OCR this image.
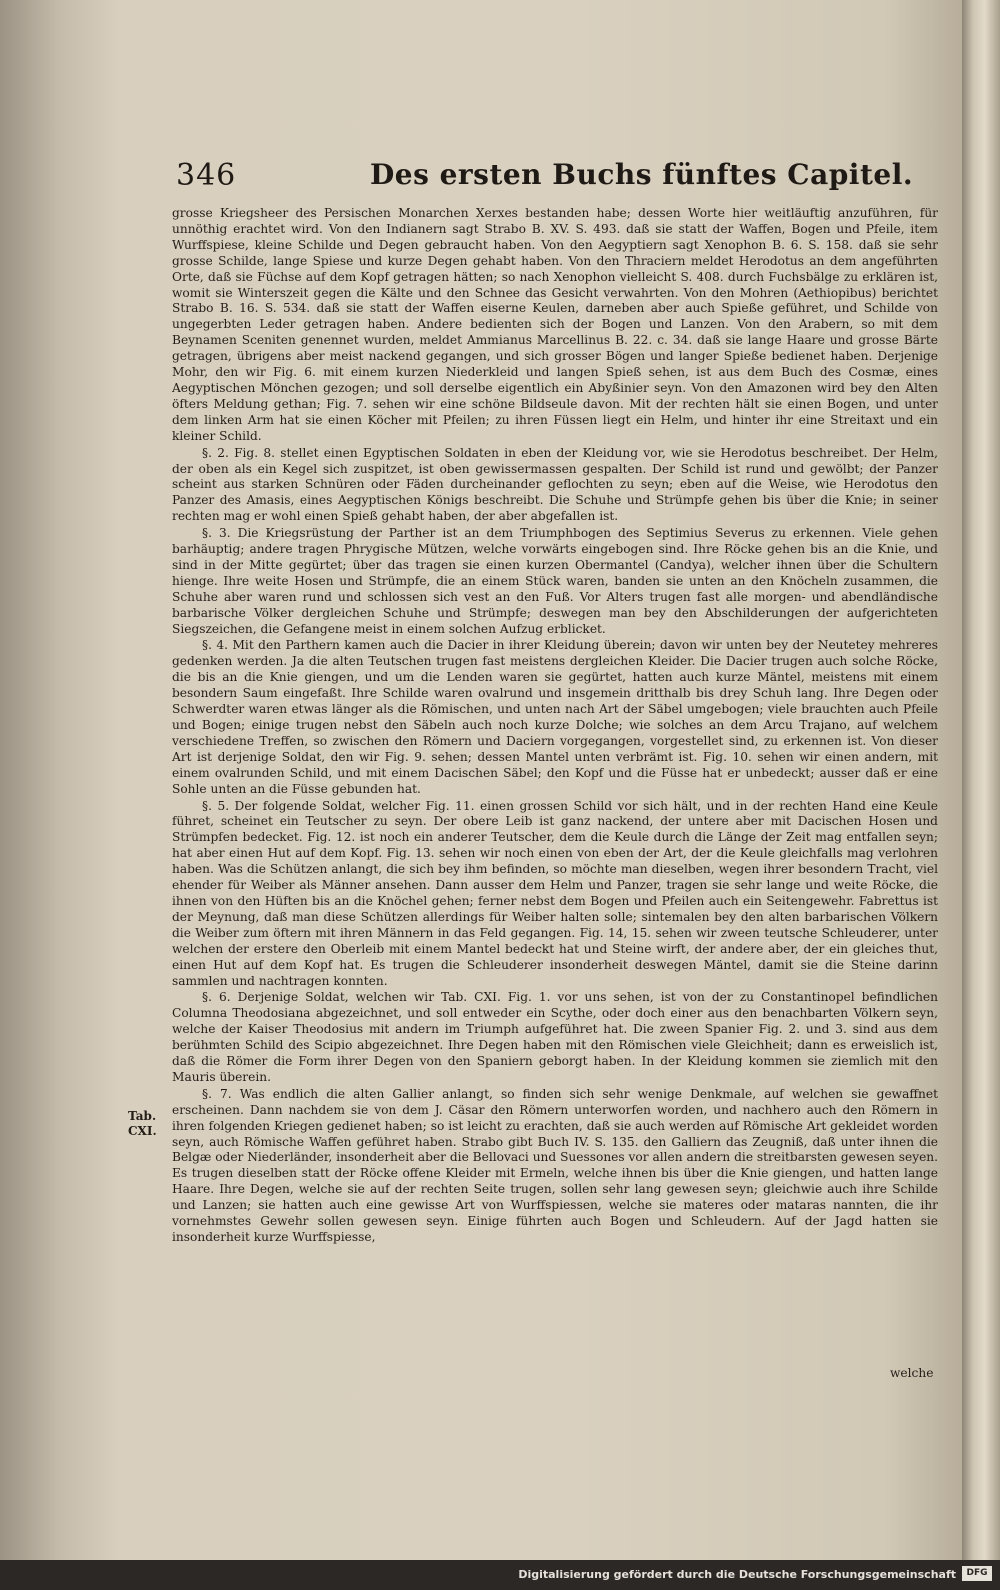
346	Des ersten Buchs fünftes Capitel.

grosse Kriegsheer des Persischen Monarchen Xerxes bestanden habe; dessen Worte hier weitläuftig anzuführen, für unnöthig erachtet wird. Von den Indianern sagt Strabo B. XV. S. 493. daß sie statt der Waffen, Bogen und Pfeile, item Wurffspiese, kleine Schilde und Degen gebraucht haben. Von den Aegyptiern sagt Xenophon B. 6. S. 158. daß sie sehr grosse Schilde, lange Spiese und kurze Degen gehabt haben. Von den Thraciern meldet Herodotus an dem angeführten Orte, daß sie Füchse auf dem Kopf getragen hätten; so nach Xenophon vielleicht S. 408. durch Fuchsbälge zu erklären ist, womit sie Winterszeit gegen die Kälte und den Schnee das Gesicht verwahrten. Von den Mohren (Aethiopibus) berichtet Strabo B. 16. S. 534. daß sie statt der Waffen eiserne Keulen, darneben aber auch Spieße geführet, und Schilde von ungegerbten Leder getragen haben. Andere bedienten sich der Bogen und Lanzen. Von den Arabern, so mit dem Beynamen Sceniten genennet wurden, meldet Ammianus Marcellinus B. 22. c. 34. daß sie lange Haare und grosse Bärte getragen, übrigens aber meist nackend gegangen, und sich grosser Bögen und langer Spieße bedienet haben. Derjenige Mohr, den wir Fig. 6. mit einem kurzen Niederkleid und langen Spieß sehen, ist aus dem Buch des Cosmæ, eines Aegyptischen Mönchen gezogen; und soll derselbe eigentlich ein Abyßinier seyn. Von den Amazonen wird bey den Alten öfters Meldung gethan; Fig. 7. sehen wir eine schöne Bildseule davon. Mit der rechten hält sie einen Bogen, und unter dem linken Arm hat sie einen Köcher mit Pfeilen; zu ihren Füssen liegt ein Helm, und hinter ihr eine Streitaxt und ein kleiner Schild.

§. 2. Fig. 8. stellet einen Egyptischen Soldaten in eben der Kleidung vor, wie sie Herodotus beschreibet. Der Helm, der oben als ein Kegel sich zuspitzet, ist oben gewissermassen gespalten. Der Schild ist rund und gewölbt; der Panzer scheint aus starken Schnüren oder Fäden durcheinander geflochten zu seyn; eben auf die Weise, wie Herodotus den Panzer des Amasis, eines Aegyptischen Königs beschreibt. Die Schuhe und Strümpfe gehen bis über die Knie; in seiner rechten mag er wohl einen Spieß gehabt haben, der aber abgefallen ist.

§. 3. Die Kriegsrüstung der Parther ist an dem Triumphbogen des Septimius Severus zu erkennen. Viele gehen barhäuptig; andere tragen Phrygische Mützen, welche vorwärts eingebogen sind. Ihre Röcke gehen bis an die Knie, und sind in der Mitte gegürtet; über das tragen sie einen kurzen Obermantel (Candya), welcher ihnen über die Schultern hienge. Ihre weite Hosen und Strümpfe, die an einem Stück waren, banden sie unten an den Knöcheln zusammen, die Schuhe aber waren rund und schlossen sich vest an den Fuß. Vor Alters trugen fast alle morgen- und abendländische barbarische Völker dergleichen Schuhe und Strümpfe; deswegen man bey den Abschilderungen der aufgerichteten Siegszeichen, die Gefangene meist in einem solchen Aufzug erblicket.

§. 4. Mit den Parthern kamen auch die Dacier in ihrer Kleidung überein; davon wir unten bey der Neutetey mehreres gedenken werden. Ja die alten Teutschen trugen fast meistens dergleichen Kleider. Die Dacier trugen auch solche Röcke, die bis an die Knie giengen, und um die Lenden waren sie gegürtet, hatten auch kurze Mäntel, meistens mit einem besondern Saum eingefaßt. Ihre Schilde waren ovalrund und insgemein dritthalb bis drey Schuh lang. Ihre Degen oder Schwerdter waren etwas länger als die Römischen, und unten nach Art der Säbel umgebogen; viele brauchten auch Pfeile und Bogen; einige trugen nebst den Säbeln auch noch kurze Dolche; wie solches an dem Arcu Trajano, auf welchem verschiedene Treffen, so zwischen den Römern und Daciern vorgegangen, vorgestellet sind, zu erkennen ist. Von dieser Art ist derjenige Soldat, den wir Fig. 9. sehen; dessen Mantel unten verbrämt ist. Fig. 10. sehen wir einen andern, mit einem ovalrunden Schild, und mit einem Dacischen Säbel; den Kopf und die Füsse hat er unbedeckt; ausser daß er eine Sohle unten an die Füsse gebunden hat.

§. 5. Der folgende Soldat, welcher Fig. 11. einen grossen Schild vor sich hält, und in der rechten Hand eine Keule führet, scheinet ein Teutscher zu seyn. Der obere Leib ist ganz nackend, der untere aber mit Dacischen Hosen und Strümpfen bedecket. Fig. 12. ist noch ein anderer Teutscher, dem die Keule durch die Länge der Zeit mag entfallen seyn; hat aber einen Hut auf dem Kopf. Fig. 13. sehen wir noch einen von eben der Art, der die Keule gleichfalls mag verlohren haben. Was die Schützen anlangt, die sich bey ihm befinden, so möchte man dieselben, wegen ihrer besondern Tracht, viel ehender für Weiber als Männer ansehen. Dann ausser dem Helm und Panzer, tragen sie sehr lange und weite Röcke, die ihnen von den Hüften bis an die Knöchel gehen; ferner nebst dem Bogen und Pfeilen auch ein Seitengewehr. Fabrettus ist der Meynung, daß man diese Schützen allerdings für Weiber halten solle; sintemalen bey den alten barbarischen Völkern die Weiber zum öftern mit ihren Männern in das Feld gegangen. Fig. 14, 15. sehen wir zween teutsche Schleuderer, unter welchen der erstere den Oberleib mit einem Mantel bedeckt hat und Steine wirft, der andere aber, der ein gleiches thut, einen Hut auf dem Kopf hat. Es trugen die Schleuderer insonderheit deswegen Mäntel, damit sie die Steine darinn sammlen und nachtragen konnten.

§. 6. Derjenige Soldat, welchen wir Tab. CXI. Fig. 1. vor uns sehen, ist von der zu Constantinopel befindlichen Columna Theodosiana abgezeichnet, und soll entweder ein Scythe, oder doch einer aus den benachbarten Völkern seyn, welche der Kaiser Theodosius mit andern im Triumph aufgeführet hat. Die zween Spanier Fig. 2. und 3. sind aus dem berühmten Schild des Scipio abgezeichnet. Ihre Degen haben mit den Römischen viele Gleichheit; dann es erweislich ist, daß die Römer die Form ihrer Degen von den Spaniern geborgt haben. In der Kleidung kommen sie ziemlich mit den Mauris überein.

§. 7. Was endlich die alten Gallier anlangt, so finden sich sehr wenige Denkmale, auf welchen sie gewaffnet erscheinen. Dann nachdem sie von dem J. Cäsar den Römern unterworfen worden, und nachhero auch den Römern in ihren folgenden Kriegen gedienet haben; so ist leicht zu erachten, daß sie auch werden auf Römische Art gekleidet worden seyn, auch Römische Waffen geführet haben. Strabo gibt Buch IV. S. 135. den Galliern das Zeugniß, daß unter ihnen die Belgæ oder Niederländer, insonderheit aber die Bellovaci und Suessones vor allen andern die streitbarsten gewesen seyen. Es trugen dieselben statt der Röcke offene Kleider mit Ermeln, welche ihnen bis über die Knie giengen, und hatten lange Haare. Ihre Degen, welche sie auf der rechten Seite trugen, sollen sehr lang gewesen seyn; gleichwie auch ihre Schilde und Lanzen; sie hatten auch eine gewisse Art von Wurffspiessen, welche sie materes oder mataras nannten, die ihr vornehmstes Gewehr sollen gewesen seyn. Einige führten auch Bogen und Schleudern. Auf der Jagd hatten sie insonderheit kurze Wurffspiesse,

Tab. CXI.
welche
Digitalisierung gefördert durch die Deutsche Forschungsgemeinschaft	DFG
